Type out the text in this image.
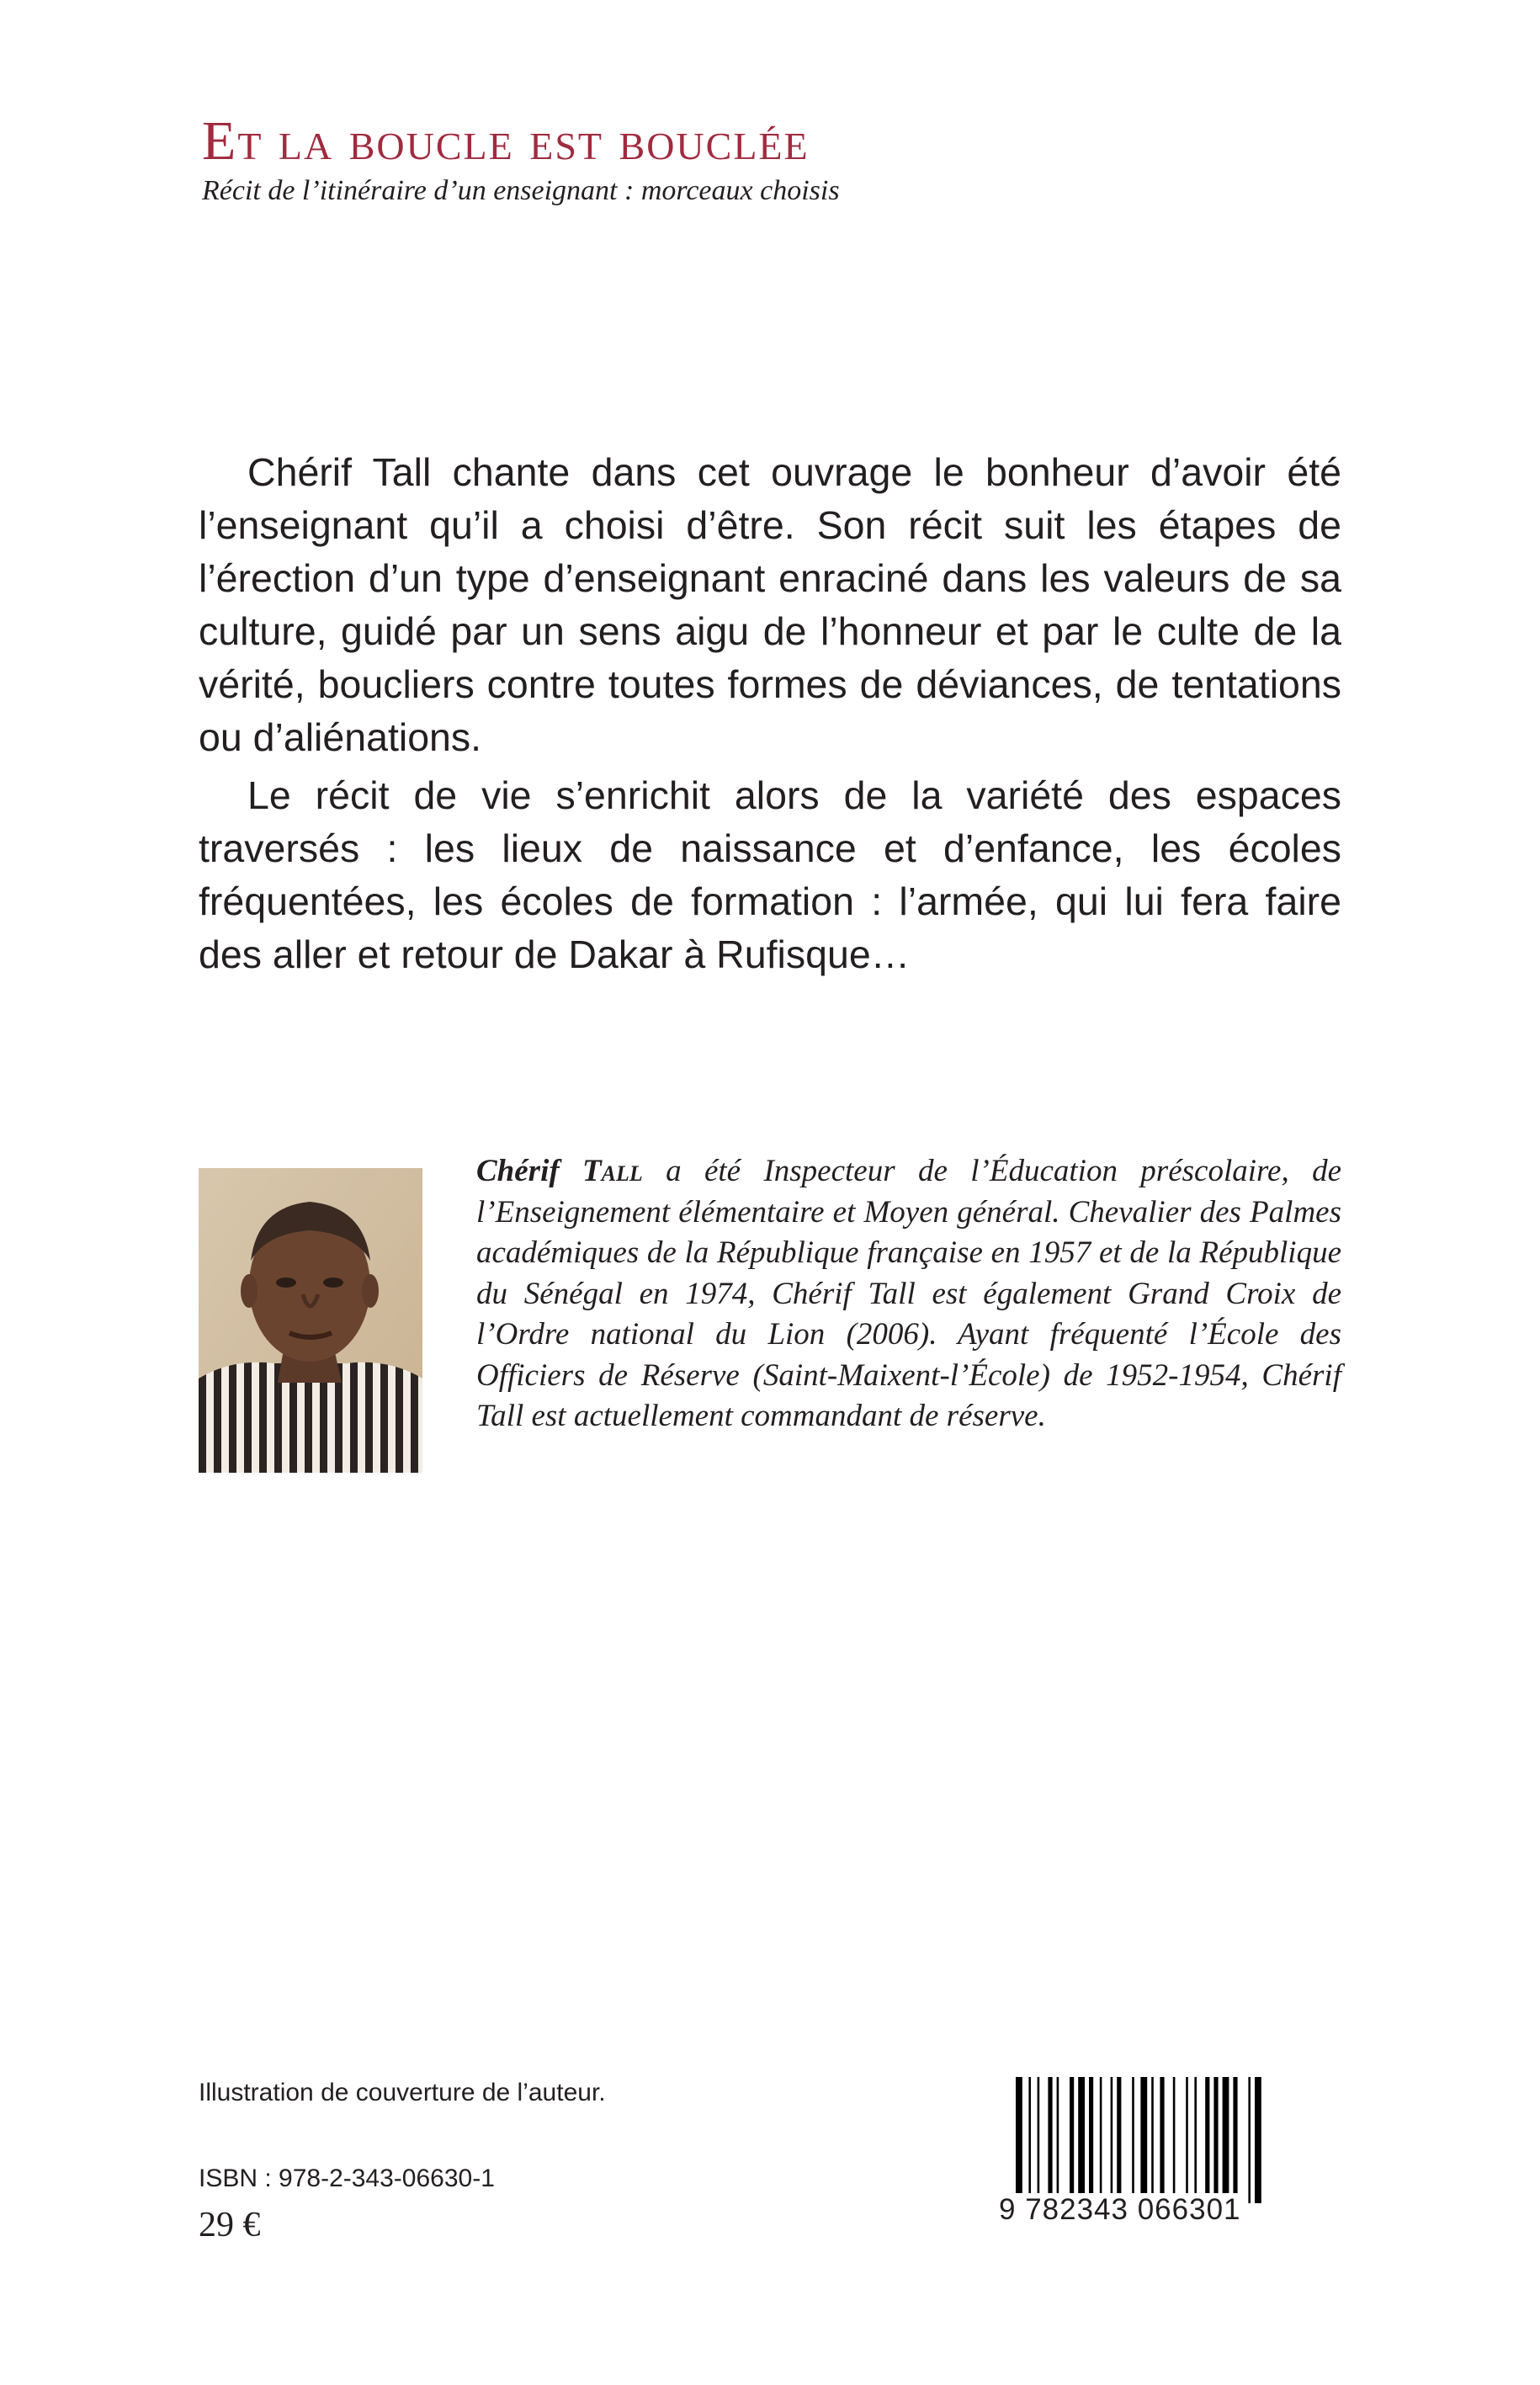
Et la boucle est bouclée
Récit de l’itinéraire d’un enseignant : morceaux choisis

Chérif Tall chante dans cet ouvrage le bonheur d’avoir été l’enseignant qu’il a choisi d’être. Son récit suit les étapes de l’érection d’un type d’enseignant enraciné dans les valeurs de sa culture, guidé par un sens aigu de l’honneur et par le culte de la vérité, boucliers contre toutes formes de déviances, de tentations ou d’aliénations.

Le récit de vie s’enrichit alors de la variété des espaces traversés : les lieux de naissance et d’enfance, les écoles fréquentées, les écoles de formation : l’armée, qui lui fera faire des aller et retour de Dakar à Rufisque…

Chérif Tall a été Inspecteur de l’Éducation préscolaire, de l’Enseignement élémentaire et Moyen général. Chevalier des Palmes académiques de la République française en 1957 et de la République du Sénégal en 1974, Chérif Tall est également Grand Croix de l’Ordre national du Lion (2006). Ayant fréquenté l’École des Officiers de Réserve (Saint-Maixent-l’École) de 1952-1954, Chérif Tall est actuellement commandant de réserve.
Illustration de couverture de l’auteur.
ISBN : 978-2-343-06630-1
29 €	9 782343 066301
